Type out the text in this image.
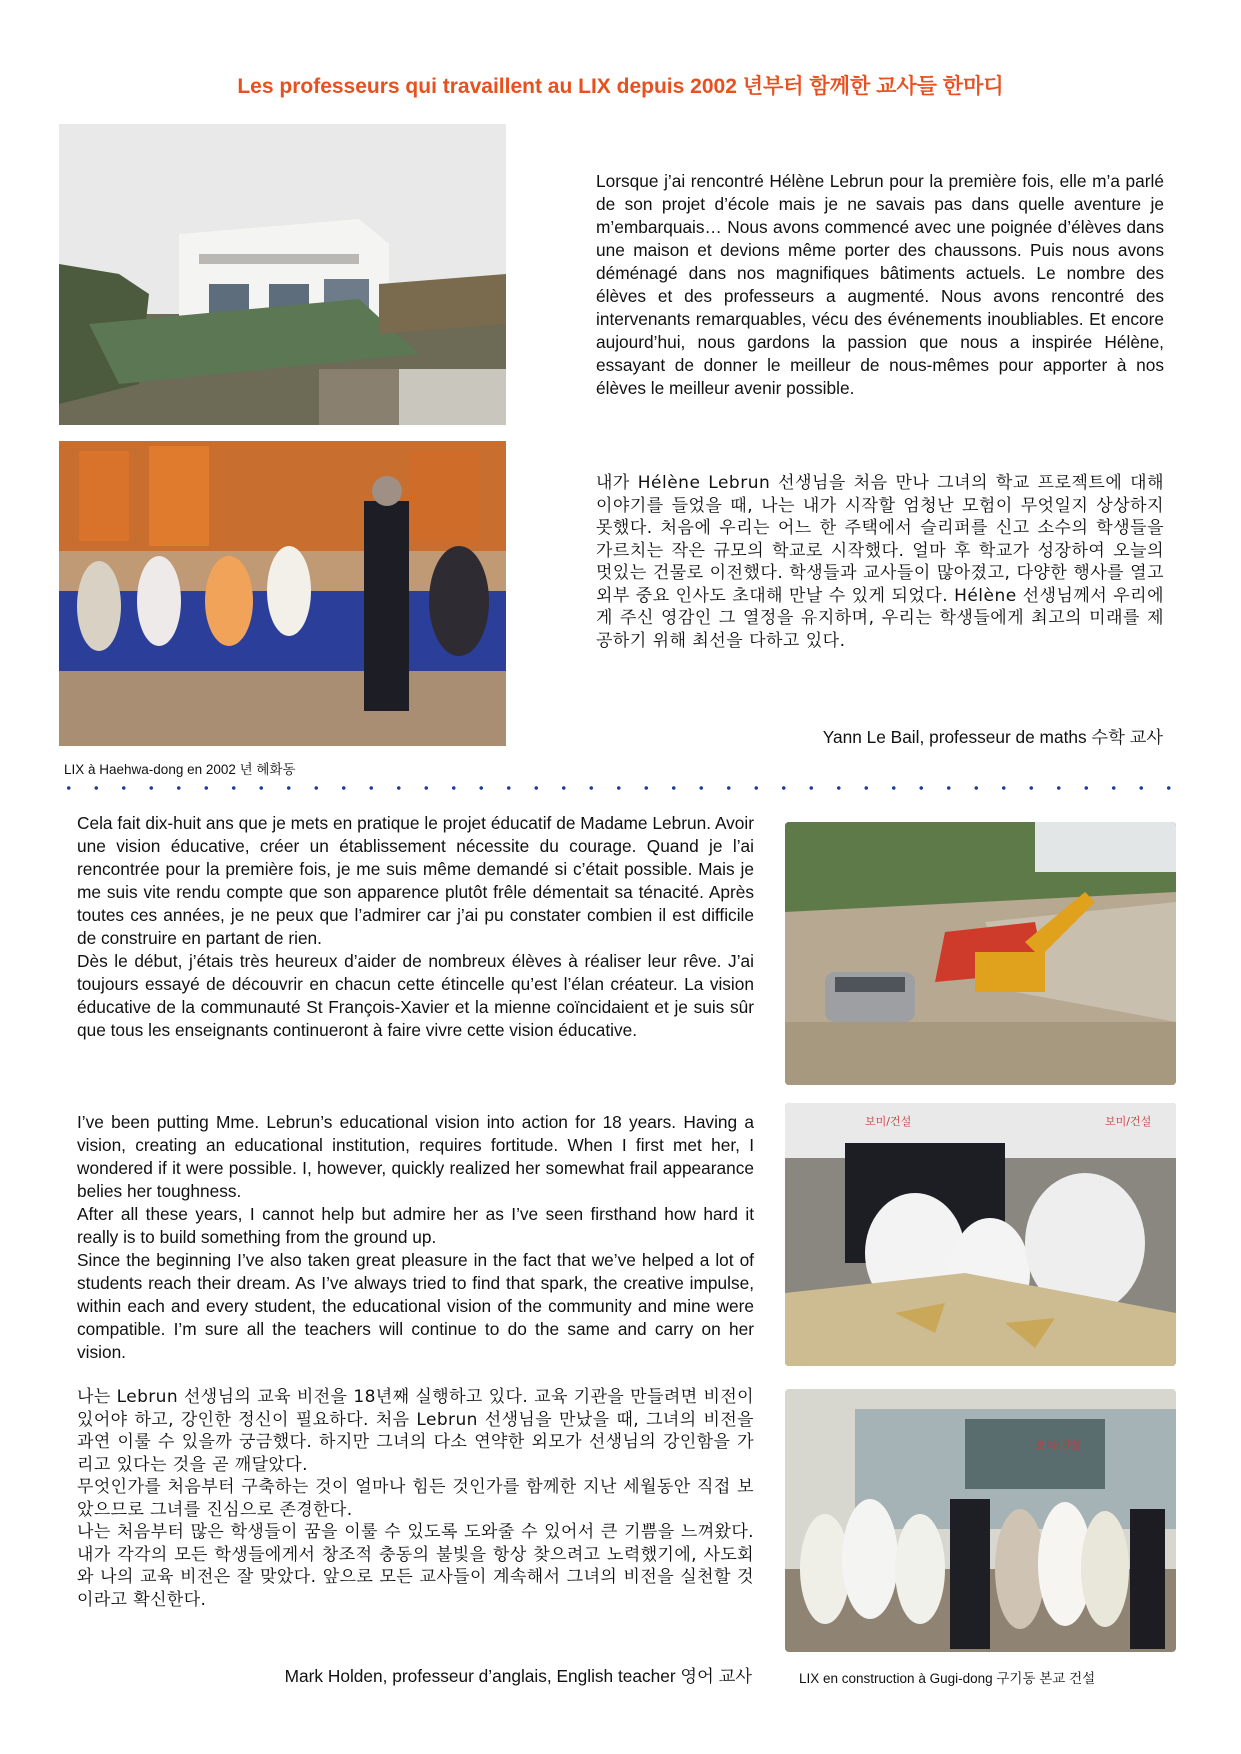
Les professeurs qui travaillent au LIX depuis 2002 년부터 함께한 교사들 한마디
LIX à Haehwa-dong en 2002 년 혜화동

Lorsque j’ai rencontré Hélène Lebrun pour la première fois, elle m’a parlé de son projet d’école mais je ne savais pas dans quelle aventure je m’embarquais… Nous avons commencé avec une poignée d’élèves dans une maison et devions même porter des chaussons. Puis nous avons déménagé dans nos magnifiques bâtiments actuels. Le nombre des élèves et des professeurs a augmenté. Nous avons rencontré des intervenants remarquables, vécu des événements inoubliables. Et encore aujourd’hui, nous gardons la passion que nous a inspirée Hélène, essayant de donner le meilleur de nous-mêmes pour apporter à nos élèves le meilleur avenir possible.

내가 Hélène Lebrun 선생님을 처음 만나 그녀의 학교 프로젝트에 대해 이야기를 들었을 때, 나는 내가 시작할 엄청난 모험이 무엇일지 상상하지 못했다. 처음에 우리는 어느 한 주택에서 슬리퍼를 신고 소수의 학생들을 가르치는 작은 규모의 학교로 시작했다. 얼마 후 학교가 성장하여 오늘의 멋있는 건물로 이전했다. 학생들과 교사들이 많아졌고, 다양한 행사를 열고 외부 중요 인사도 초대해 만날 수 있게 되었다. Hélène 선생님께서 우리에게 주신 영감인 그 열정을 유지하며, 우리는 학생들에게 최고의 미래를 제공하기 위해 최선을 다하고 있다.

Yann Le Bail, professeur de maths 수학 교사

Cela fait dix-huit ans que je mets en pratique le projet éducatif de Madame Lebrun. Avoir une vision éducative, créer un établissement nécessite du courage. Quand je l’ai rencontrée pour la première fois, je me suis même demandé si c’était possible. Mais je me suis vite rendu compte que son apparence plutôt frêle démentait sa ténacité. Après toutes ces années, je ne peux que l’admirer car j’ai pu constater combien il est difficile de construire en partant de rien.

Dès le début, j’étais très heureux d’aider de nombreux élèves à réaliser leur rêve. J’ai toujours essayé de découvrir en chacun cette étincelle qu’est l’élan créateur. La vision éducative de la communauté St François-Xavier et la mienne coïncidaient et je suis sûr que tous les enseignants continueront à faire vivre cette vision éducative.

I’ve been putting Mme. Lebrun’s educational vision into action for 18 years. Having a vision, creating an educational institution, requires fortitude. When I first met her, I wondered if it were possible. I, however, quickly realized her somewhat frail appearance belies her toughness.

After all these years, I cannot help but admire her as I’ve seen firsthand how hard it really is to build something from the ground up.

Since the beginning I’ve also taken great pleasure in the fact that we’ve helped a lot of students reach their dream. As I’ve always tried to find that spark, the creative impulse, within each and every student, the educational vision of the community and mine were compatible. I’m sure all the teachers will continue to do the same and carry on her vision.

나는 Lebrun 선생님의 교육 비전을 18년째 실행하고 있다. 교육 기관을 만들려면 비전이 있어야 하고, 강인한 정신이 필요하다. 처음 Lebrun 선생님을 만났을 때, 그녀의 비전을 과연 이룰 수 있을까 궁금했다. 하지만 그녀의 다소 연약한 외모가 선생님의 강인함을 가리고 있다는 것을 곧 깨달았다.

무엇인가를 처음부터 구축하는 것이 얼마나 힘든 것인가를 함께한 지난 세월동안 직접 보았으므로 그녀를 진심으로 존경한다.

나는 처음부터 많은 학생들이 꿈을 이룰 수 있도록 도와줄 수 있어서 큰 기쁨을 느껴왔다. 내가 각각의 모든 학생들에게서 창조적 충동의 불빛을 항상 찾으려고 노력했기에, 사도회와 나의 교육 비전은 잘 맞았다. 앞으로 모든 교사들이 계속해서 그녀의 비전을 실천할 것이라고 확신한다.

Mark Holden, professeur d’anglais, English teacher 영어 교사
보미/건설	보미/건설
보미/건설
LIX en construction à Gugi-dong 구기동 본교 건설
